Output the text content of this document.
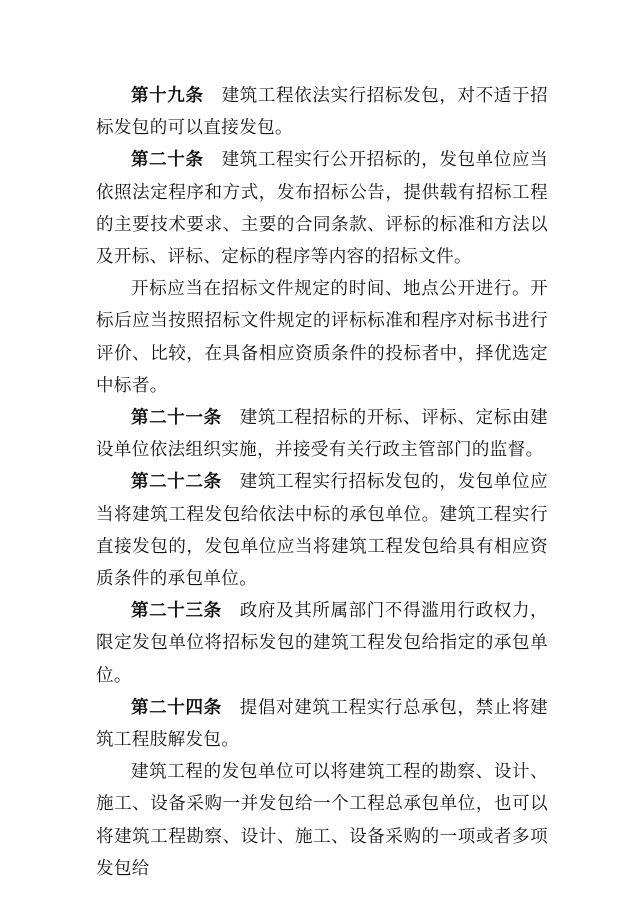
第十九条 建筑工程依法实行招标发包，对不适于招标发包的可以直接发包。

第二十条 建筑工程实行公开招标的，发包单位应当依照法定程序和方式，发布招标公告，提供载有招标工程的主要技术要求、主要的合同条款、评标的标准和方法以及开标、评标、定标的程序等内容的招标文件。

开标应当在招标文件规定的时间、地点公开进行。开标后应当按照招标文件规定的评标标准和程序对标书进行评价、比较，在具备相应资质条件的投标者中，择优选定中标者。

第二十一条 建筑工程招标的开标、评标、定标由建设单位依法组织实施，并接受有关行政主管部门的监督。

第二十二条 建筑工程实行招标发包的，发包单位应当将建筑工程发包给依法中标的承包单位。建筑工程实行直接发包的，发包单位应当将建筑工程发包给具有相应资质条件的承包单位。

第二十三条 政府及其所属部门不得滥用行政权力，限定发包单位将招标发包的建筑工程发包给指定的承包单位。

第二十四条 提倡对建筑工程实行总承包，禁止将建筑工程肢解发包。

建筑工程的发包单位可以将建筑工程的勘察、设计、施工、设备采购一并发包给一个工程总承包单位，也可以将建筑工程勘察、设计、施工、设备采购的一项或者多项发包给
